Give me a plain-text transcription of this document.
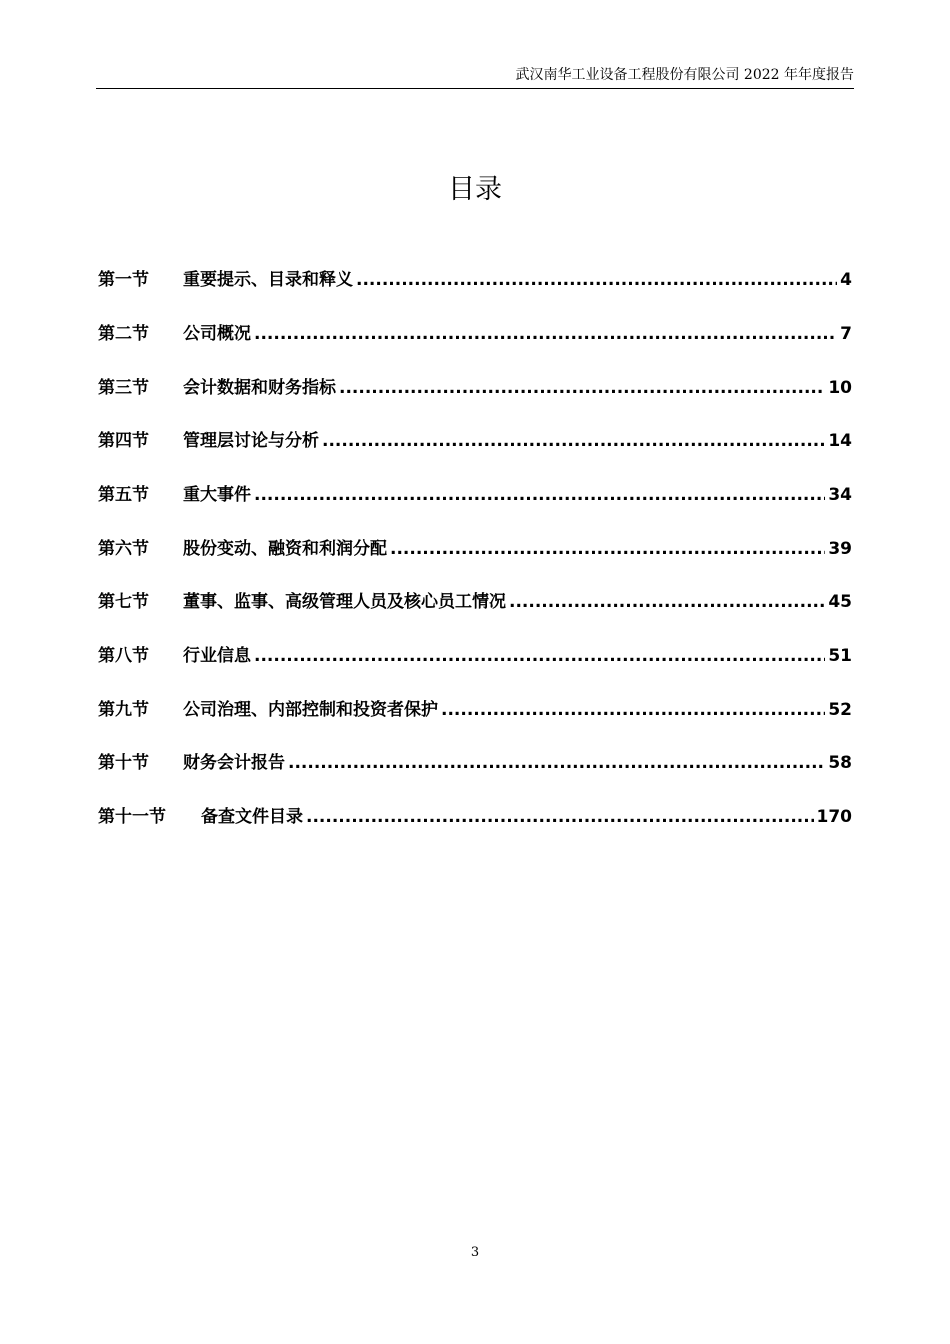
武汉南华工业设备工程股份有限公司 2022 年年度报告
目录
第一节	重要提示、目录和释义 .....	4
第二节	公司概况 .....	7
第三节	会计数据和财务指标 .....	10
第四节	管理层讨论与分析 .....	14
第五节	重大事件 .....	34
第六节	股份变动、融资和利润分配 .....	39
第七节	董事、监事、高级管理人员及核心员工情况 .....	45
第八节	行业信息 .....	51
第九节	公司治理、内部控制和投资者保护 .....	52
第十节	财务会计报告 .....	58
第十一节	备查文件目录 .....	170
3
